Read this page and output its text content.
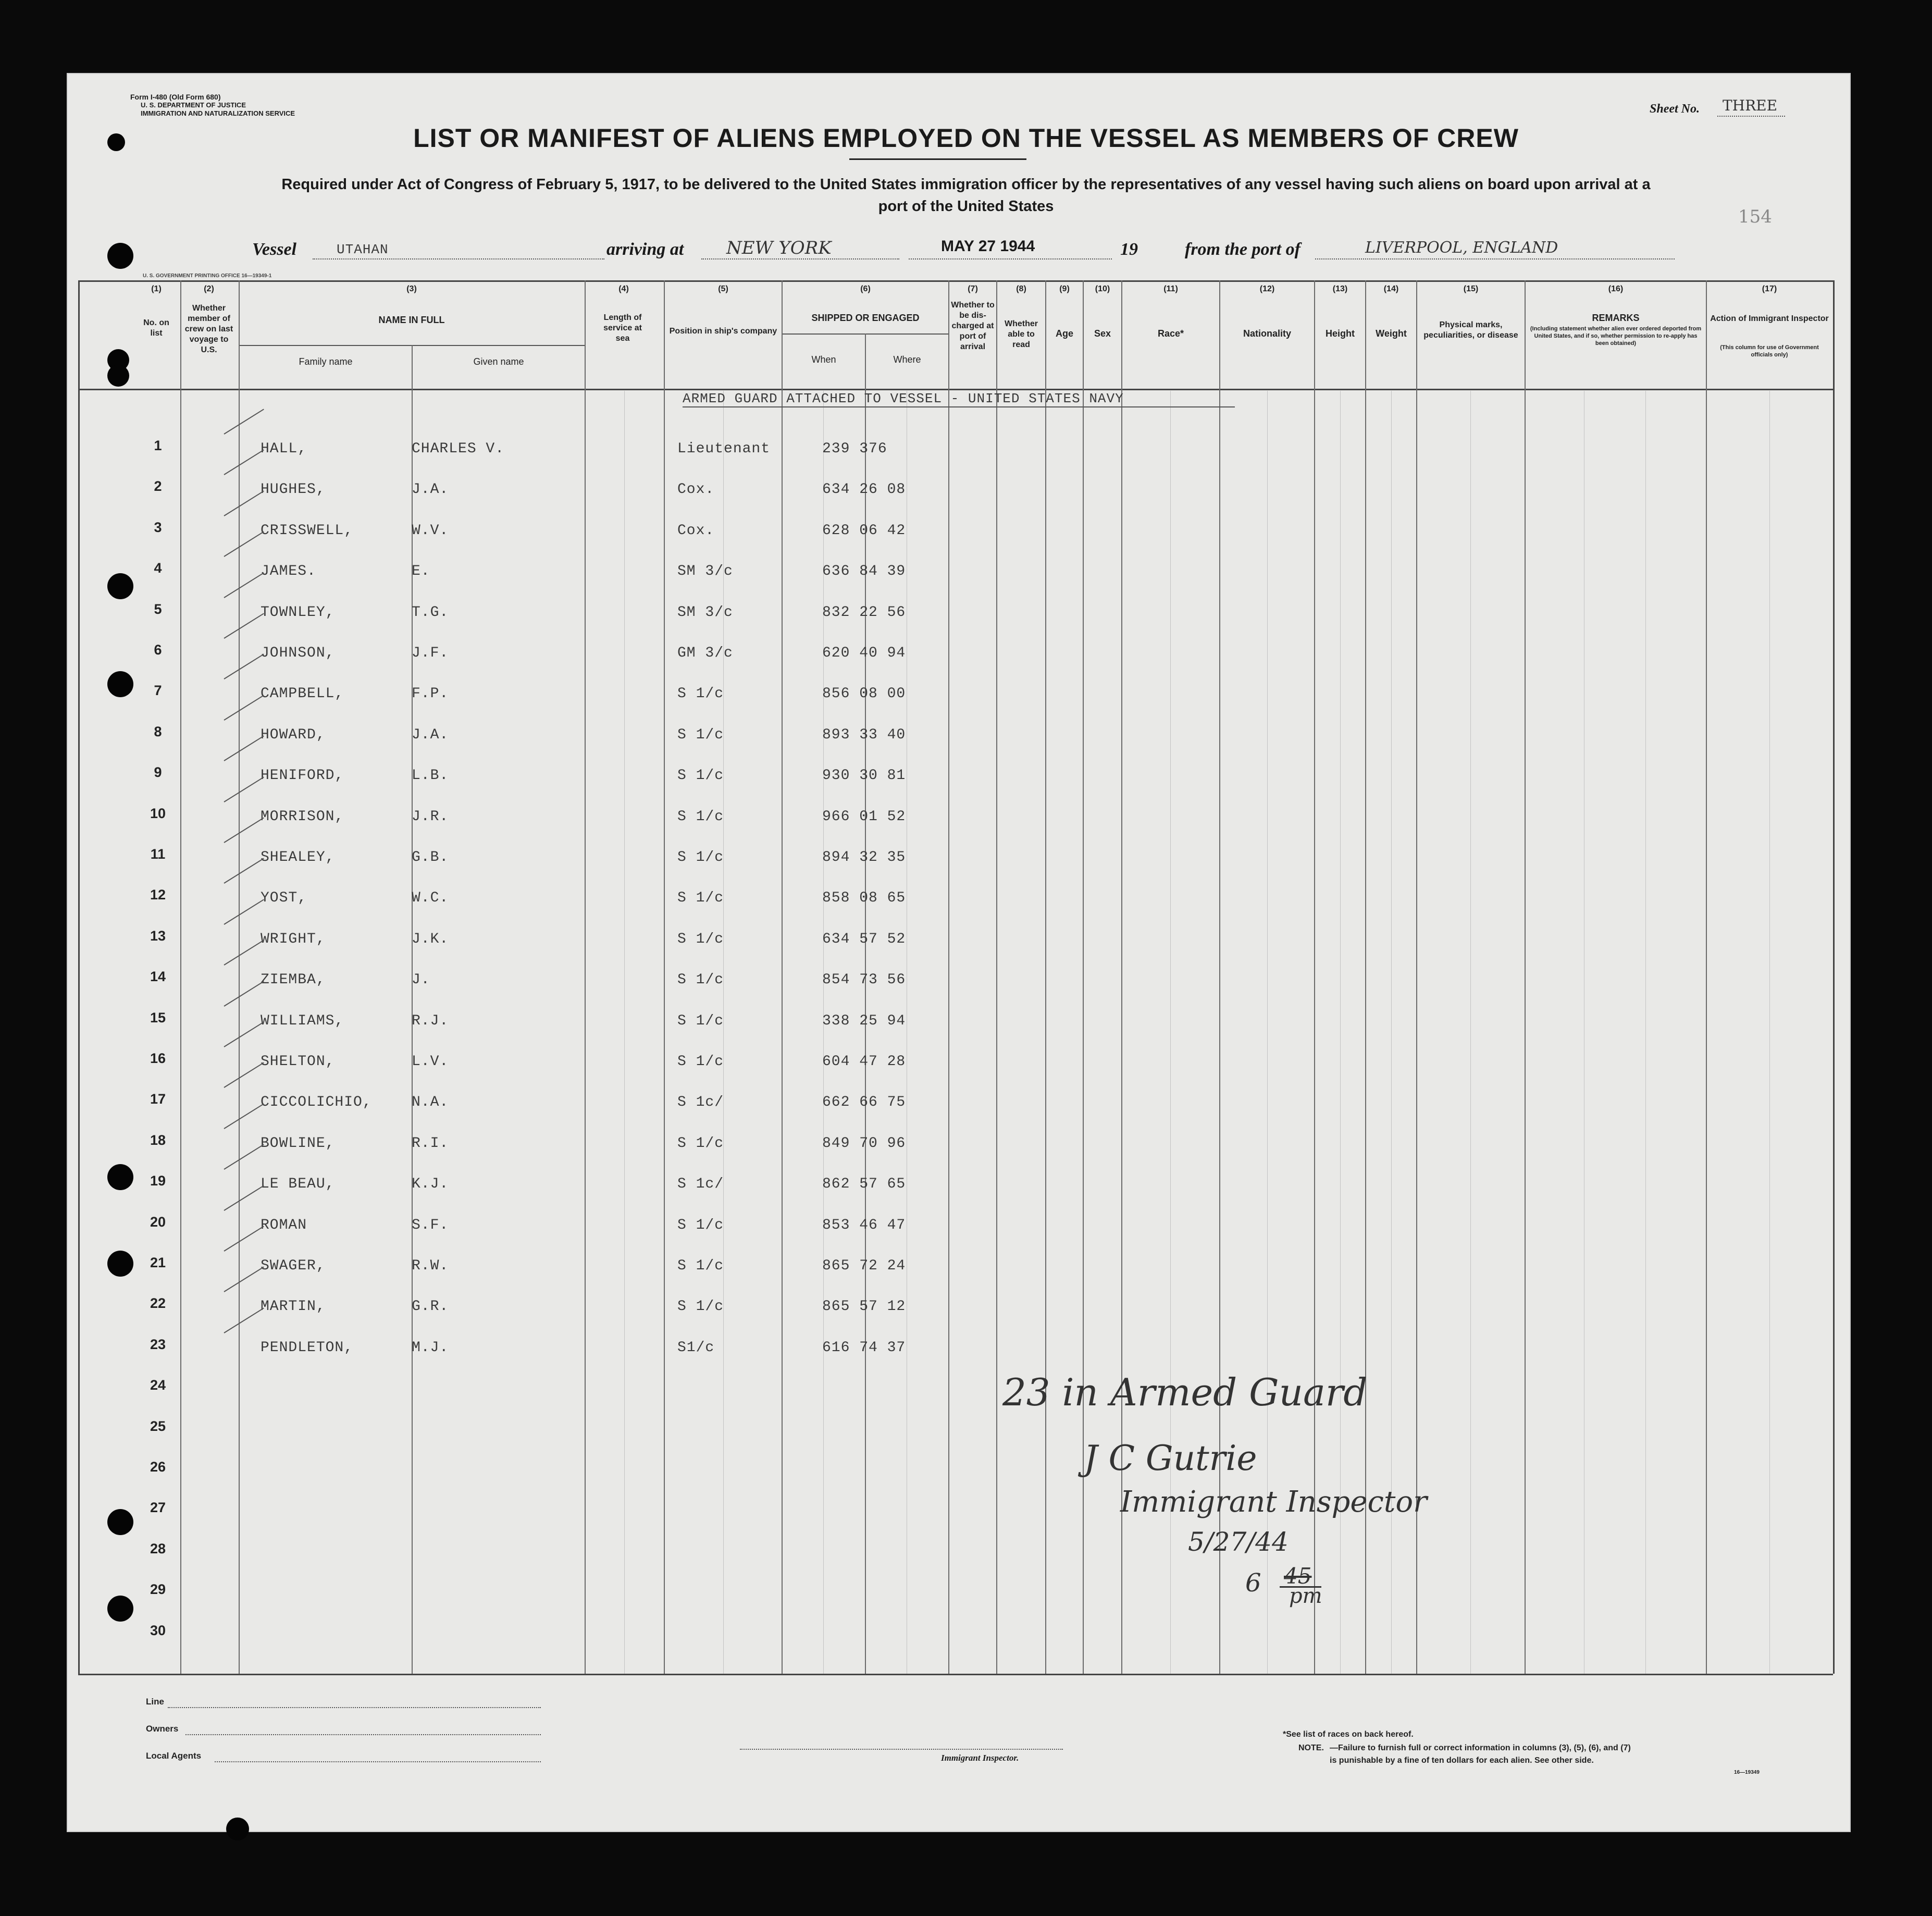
Form I-480 (Old Form 680)
U. S. DEPARTMENT OF JUSTICE
IMMIGRATION AND NATURALIZATION SERVICE
U. S. GOVERNMENT PRINTING OFFICE 16—19349-1
Sheet No. THREE
LIST OR MANIFEST OF ALIENS EMPLOYED ON THE VESSEL AS MEMBERS OF CREW
Required under Act of Congress of February 5, 1917, to be delivered to the United States immigration officer by the representatives of any vessel having such aliens on board upon arrival at a
port of the United States	154
Vessel	UTAHAN	arriving at NEW YORK	MAY 27 1944	19	from the port of	LIVERPOOL, ENGLAND
(1)
No. on list
(2)
Whether member of crew on last voyage to U.S.
(3)
NAME IN FULL
Family name	Given name
(4)
Length of service at sea
(5)
Position in ship's company
(6)
SHIPPED OR ENGAGED
When	Where
(7)
Whether to be dis-charged at port of arrival
(8)
Whether able to read
(9)
Age
(10)
Sex
(11)
Race*
(12)
Nationality
(13)
Height
(14)
Weight
(15)
Physical marks, peculiarities, or disease
(16)
REMARKS
(Including statement whether alien ever ordered deported from United States, and if so, whether permission to re-apply has been obtained)
(17)
Action of Immigrant Inspector
(This column for use of Government officials only)
ARMED GUARD ATTACHED TO VESSEL - UNITED STATES NAVY
1	HALL,	CHARLES V.	Lieutenant	239 376
2	HUGHES,	J.A.	Cox.	634 26 08
3	CRISSWELL,	W.V.	Cox.	628 06 42
4	JAMES.	E.	SM 3/c	636 84 39
5	TOWNLEY,	T.G.	SM 3/c	832 22 56
6	JOHNSON,	J.F.	GM 3/c	620 40 94
7	CAMPBELL,	F.P.	S 1/c	856 08 00
8	HOWARD,	J.A.	S 1/c	893 33 40
9	HENIFORD,	L.B.	S 1/c	930 30 81
10	MORRISON,	J.R.	S 1/c	966 01 52
11	SHEALEY,	G.B.	S 1/c	894 32 35
12	YOST,	W.C.	S 1/c	858 08 65
13	WRIGHT,	J.K.	S 1/c	634 57 52
14	ZIEMBA,	J.	S 1/c	854 73 56
15	WILLIAMS,	R.J.	S 1/c	338 25 94
16	SHELTON,	L.V.	S 1/c	604 47 28
17	CICCOLICHIO,	N.A.	S 1c/	662 66 75
18	BOWLINE,	R.I.	S 1/c	849 70 96
19	LE BEAU,	K.J.	S 1c/	862 57 65
20	ROMAN	S.F.	S 1/c	853 46 47
21	SWAGER,	R.W.	S 1/c	865 72 24
22	MARTIN,	G.R.	S 1/c	865 57 12
23	PENDLETON,	M.J.	S1/c	616 74 37
24
25
26
27
28
29
30
23 in Armed Guard
J C Gutrie
Immigrant Inspector
5/27/44
6 45
pm
Line
Owners
Local Agents	Immigrant Inspector.
*See list of races on back hereof.
NOTE. —Failure to furnish full or correct information in columns (3), (5), (6), and (7)
is punishable by a fine of ten dollars for each alien. See other side.
16—19349
